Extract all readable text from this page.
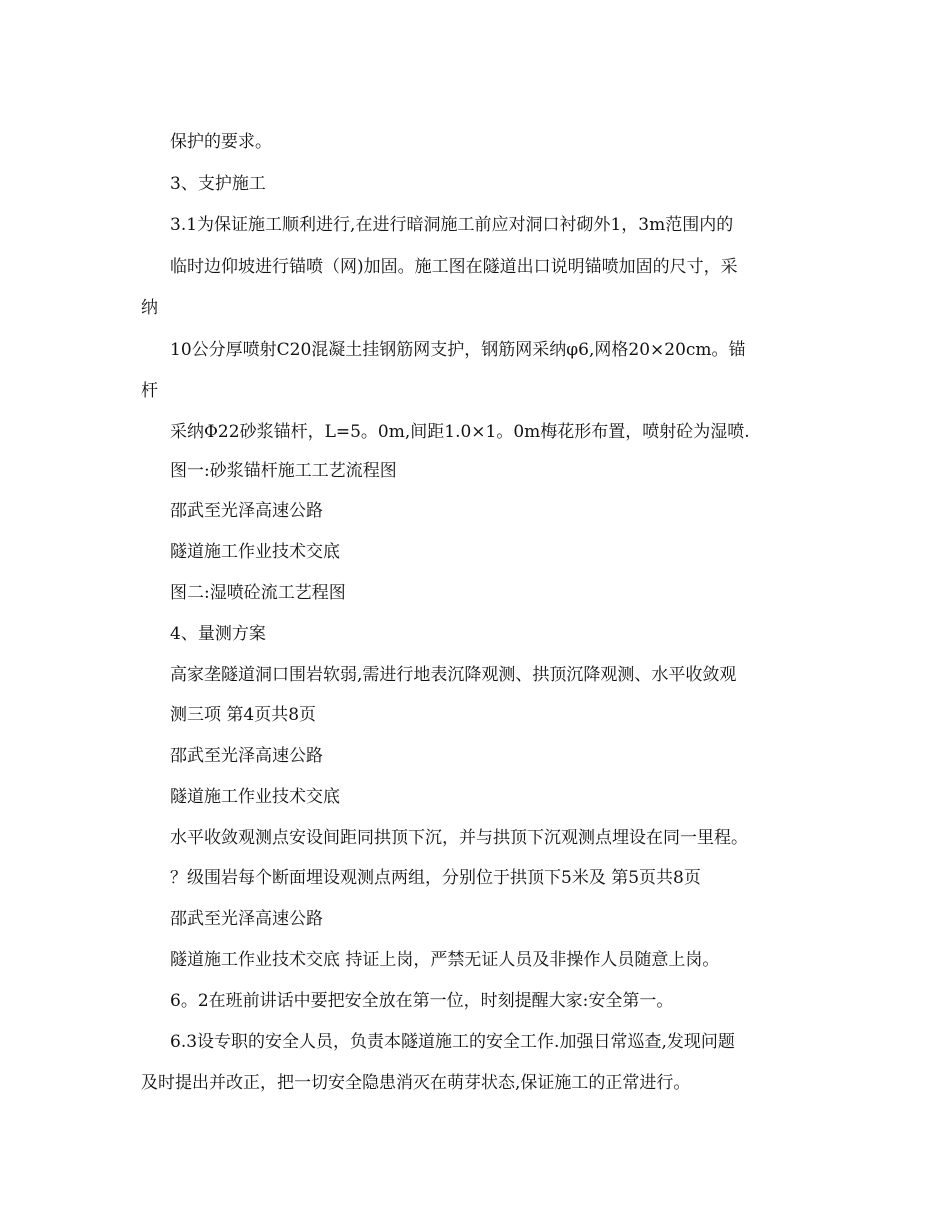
保护的要求。
3、支护施工
3.1为保证施工顺利进行,在进行暗洞施工前应对洞口衬砌外1，3m范围内的
临时边仰坡进行锚喷（网)加固。施工图在隧道出口说明锚喷加固的尺寸，采
纳
10公分厚喷射C20混凝土挂钢筋网支护，钢筋网采纳φ6,网格20×20cm。锚
杆
采纳Φ22砂浆锚杆，L=5。0m,间距1.0×1。0m梅花形布置，喷射砼为湿喷.
图一:砂浆锚杆施工工艺流程图
邵武至光泽高速公路
隧道施工作业技术交底
图二:湿喷砼流工艺程图
4、量测方案
高家垄隧道洞口围岩软弱,需进行地表沉降观测、拱顶沉降观测、水平收敛观
测三项 第4页共8页
邵武至光泽高速公路
隧道施工作业技术交底
水平收敛观测点安设间距同拱顶下沉，并与拱顶下沉观测点埋设在同一里程。
？级围岩每个断面埋设观测点两组，分别位于拱顶下5米及 第5页共8页
邵武至光泽高速公路
隧道施工作业技术交底 持证上岗，严禁无证人员及非操作人员随意上岗。
6。2在班前讲话中要把安全放在第一位，时刻提醒大家:安全第一。
6.3设专职的安全人员，负责本隧道施工的安全工作.加强日常巡查,发现问题
及时提出并改正，把一切安全隐患消灭在萌芽状态,保证施工的正常进行。
